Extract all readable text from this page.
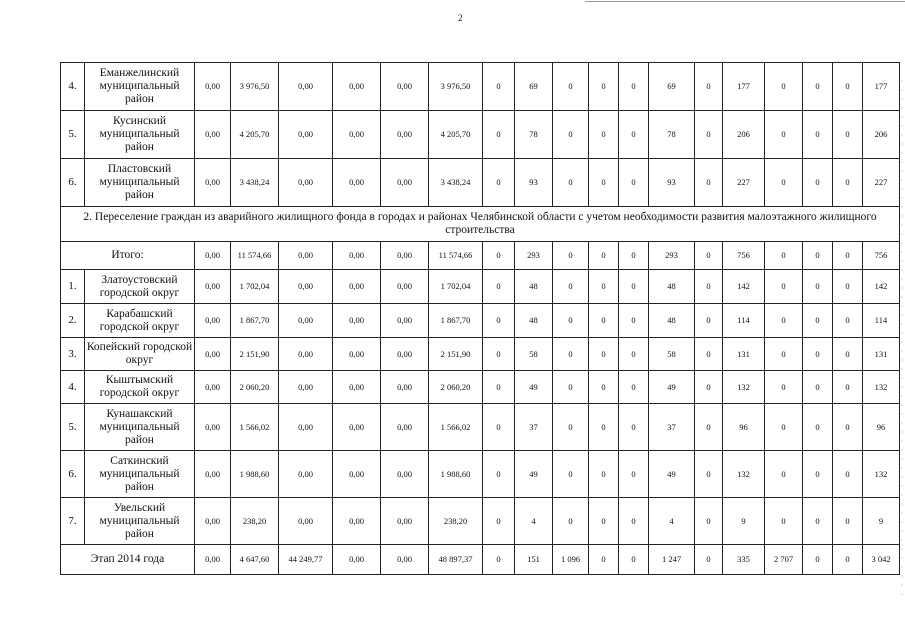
2
4.	Еманжелинский муниципальный район	0,00	3 976,50	0,00	0,00	0,00	3 976,50	0	69	0	0	0	69	0	177	0	0	0	177
5.	Кусинский муниципальный район	0,00	4 205,70	0,00	0,00	0,00	4 205,70	0	78	0	0	0	78	0	206	0	0	0	206
6.	Пластовский муниципальный район	0,00	3 438,24	0,00	0,00	0,00	3 438,24	0	93	0	0	0	93	0	227	0	0	0	227
2. Переселение граждан из аварийного жилищного фонда в городах и районах Челябинской области с учетом необходимости развития малоэтажного жилищного строительства																			
Итого:		0,00	11 574,66	0,00	0,00	0,00	11 574,66	0	293	0	0	0	293	0	756	0	0	0	756
1.	Златоустовский городской округ	0,00	1 702,04	0,00	0,00	0,00	1 702,04	0	48	0	0	0	48	0	142	0	0	0	142
2.	Карабашский городской округ	0,00	1 867,70	0,00	0,00	0,00	1 867,70	0	48	0	0	0	48	0	114	0	0	0	114
3.	Копейский городской округ	0,00	2 151,90	0,00	0,00	0,00	2 151,90	0	58	0	0	0	58	0	131	0	0	0	131
4.	Кыштымский городской округ	0,00	2 060,20	0,00	0,00	0,00	2 060,20	0	49	0	0	0	49	0	132	0	0	0	132
5.	Кунашакский муниципальный район	0,00	1 566,02	0,00	0,00	0,00	1 566,02	0	37	0	0	0	37	0	96	0	0	0	96
6.	Саткинский муниципальный район	0,00	1 988,60	0,00	0,00	0,00	1 988,60	0	49	0	0	0	49	0	132	0	0	0	132
7.	Увельский муниципальный район	0,00	238,20	0,00	0,00	0,00	238,20	0	4	0	0	0	4	0	9	0	0	0	9
Этап 2014 года		0,00	4 647,60	44 249,77	0,00	0,00	48 897,37	0	151	1 096	0	0	1 247	0	335	2 707	0	0	3 042
